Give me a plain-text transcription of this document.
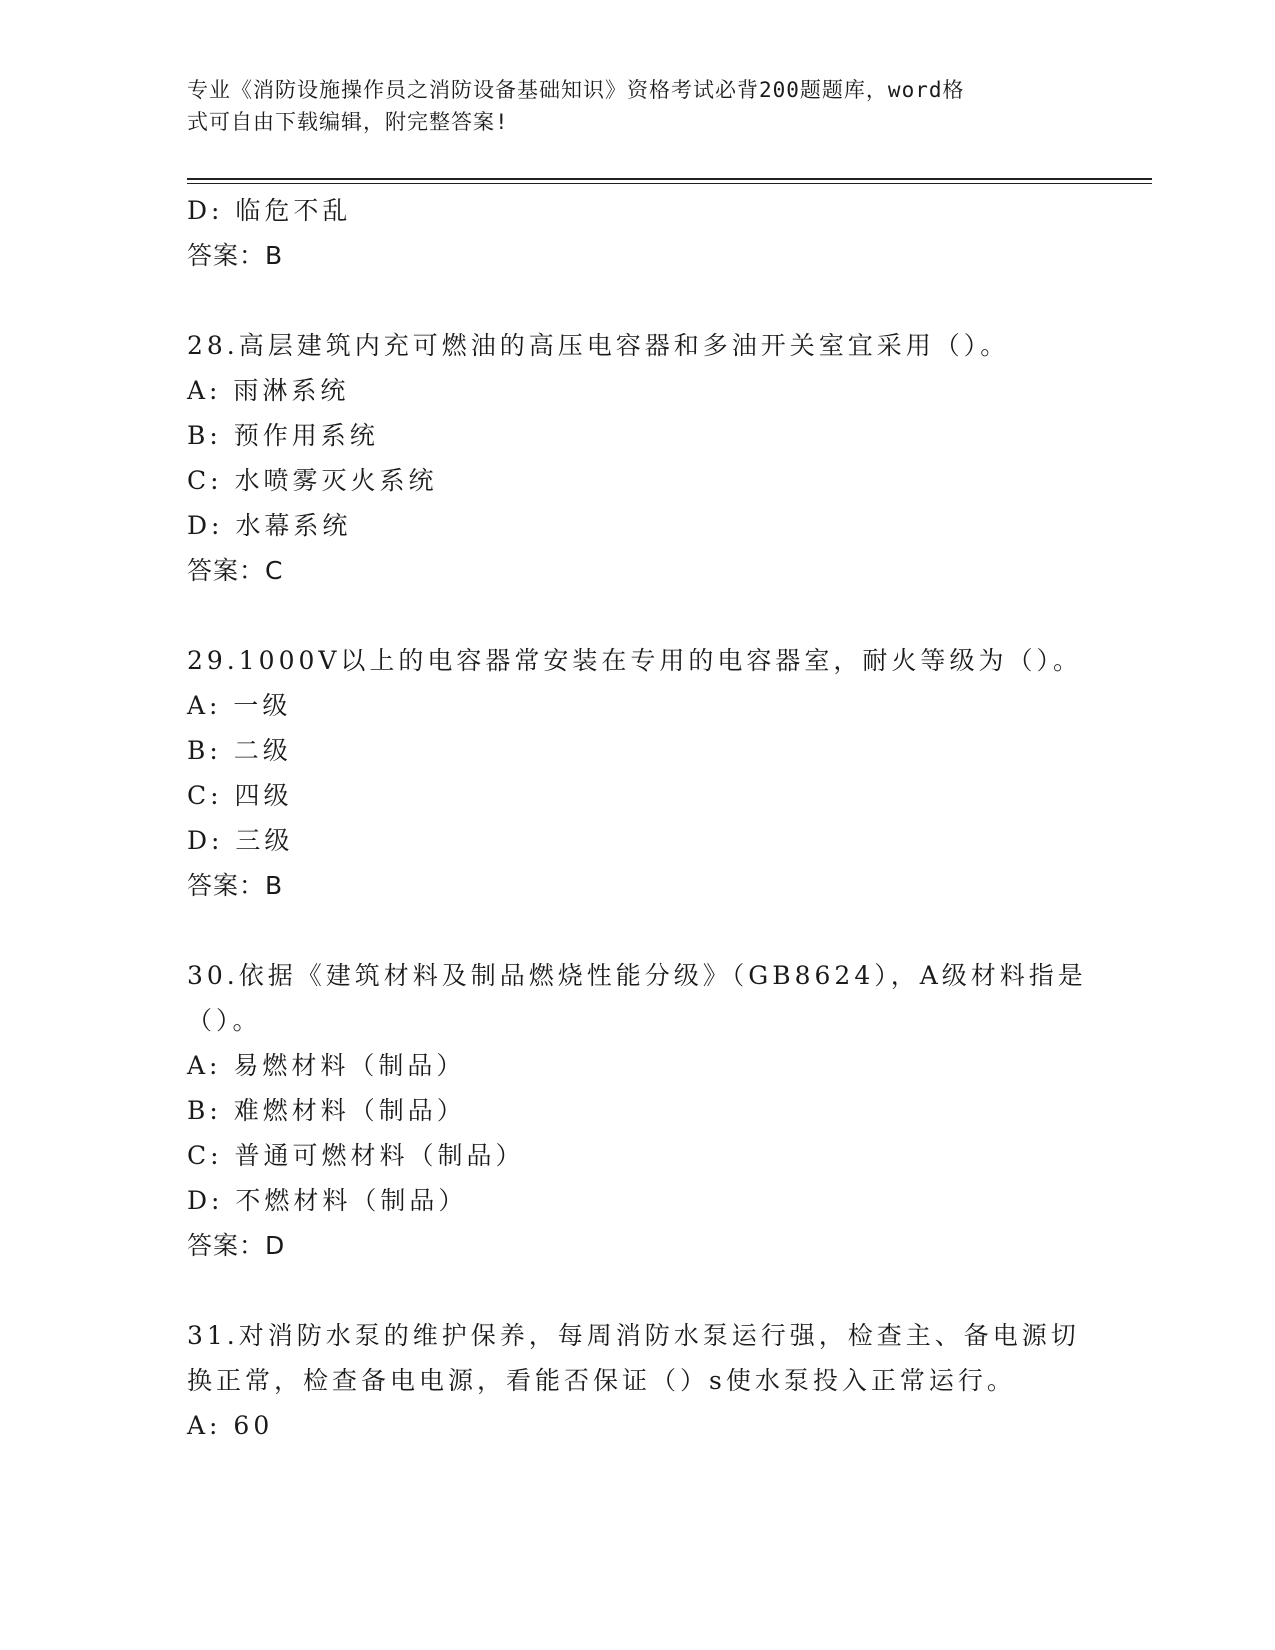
专业《消防设施操作员之消防设备基础知识》资格考试必背200题题库，word格
式可自由下载编辑，附完整答案!
D: 临危不乱
答案：B
28.高层建筑内充可燃油的高压电容器和多油开关室宜采用（）。
A: 雨淋系统
B: 预作用系统
C: 水喷雾灭火系统
D: 水幕系统
答案：C
29.1000V以上的电容器常安装在专用的电容器室，耐火等级为（）。
A: 一级
B: 二级
C: 四级
D: 三级
答案：B
30.依据《建筑材料及制品燃烧性能分级》（GB8624），A级材料指是
（）。
A: 易燃材料（制品）
B: 难燃材料（制品）
C: 普通可燃材料（制品）
D: 不燃材料（制品）
答案：D
31.对消防水泵的维护保养，每周消防水泵运行强，检查主、备电源切
换正常，检查备电电源，看能否保证（）s使水泵投入正常运行。
A: 60
